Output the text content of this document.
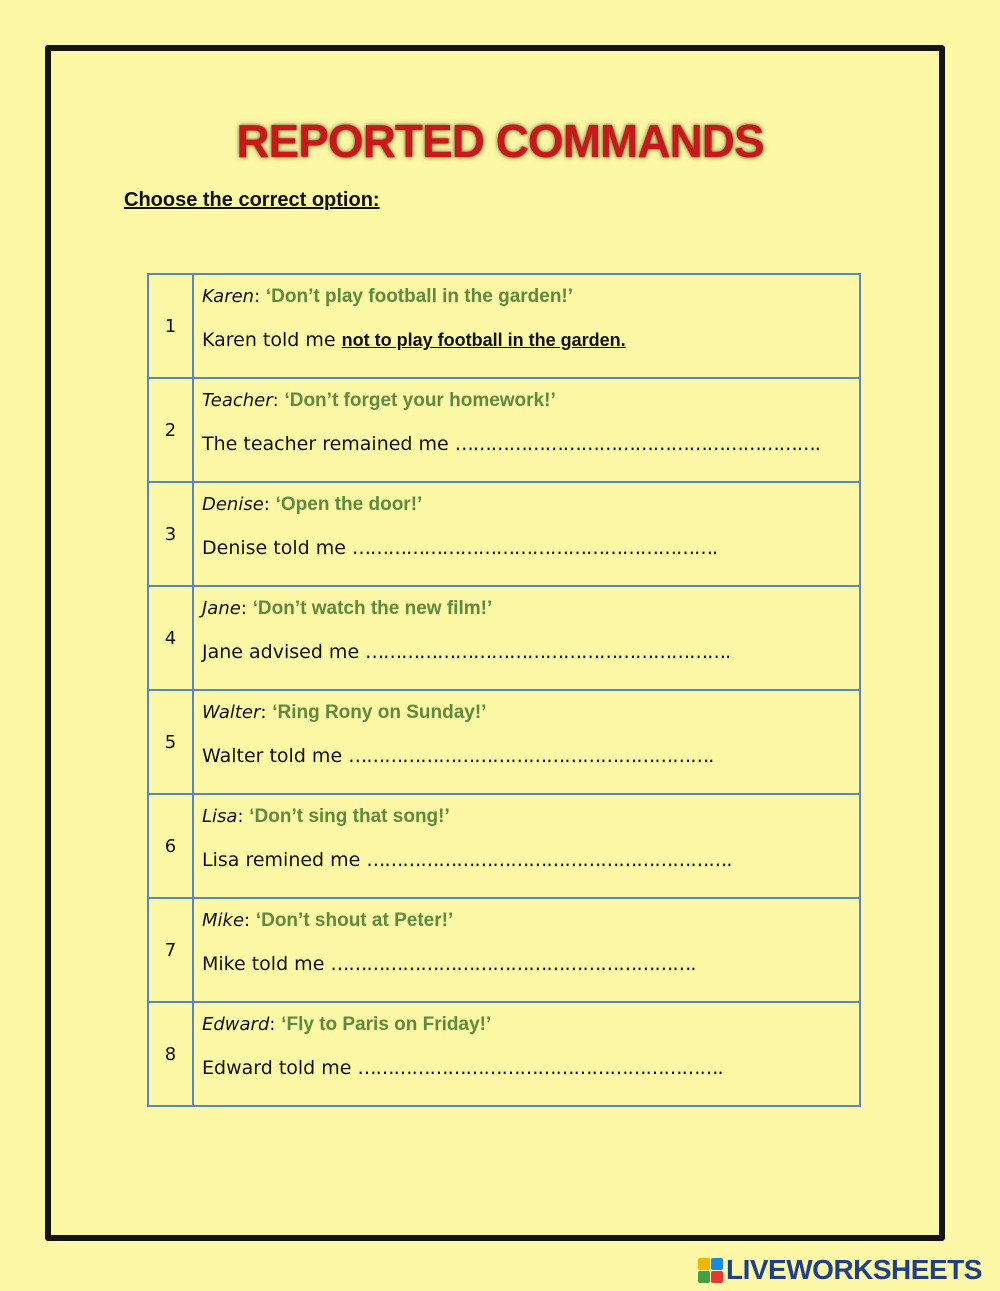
REPORTED COMMANDS
Choose the correct option:
1	Karen: ‘Don’t play football in the garden!’
Karen told me not to play football in the garden.

2	Teacher: ‘Don’t forget your homework!’
The teacher remained me …………………………………………………….

3	Denise: ‘Open the door!’
Denise told me …………………………………………………….

4	Jane: ‘Don’t watch the new film!’
Jane advised me …………………………………………………….

5	Walter: ‘Ring Rony on Sunday!’
Walter told me …………………………………………………….

6	Lisa: ‘Don’t sing that song!’
Lisa remined me …………………………………………………….

7	Mike: ‘Don’t shout at Peter!’
Mike told me …………………………………………………….

8	Edward: ‘Fly to Paris on Friday!’
Edward told me …………………………………………………….
LIVEWORKSHEETS
